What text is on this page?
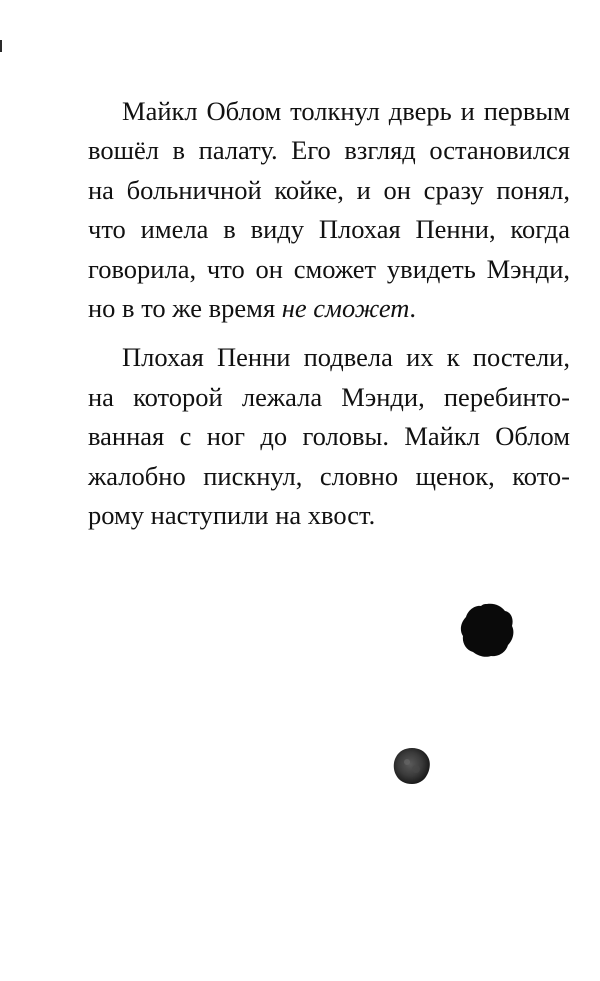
Майкл Облом толкнул дверь и первым
вошёл в палату. Его взгляд остановился
на больничной койке, и он сразу понял,
что имела в виду Плохая Пенни, когда
говорила, что он сможет увидеть Мэнди,
но в то же время не сможет.
Плохая Пенни подвела их к постели,
на которой лежала Мэнди, перебинто-
ванная с ног до головы. Майкл Облом
жалобно пискнул, словно щенок, кото-
рому наступили на хвост.
